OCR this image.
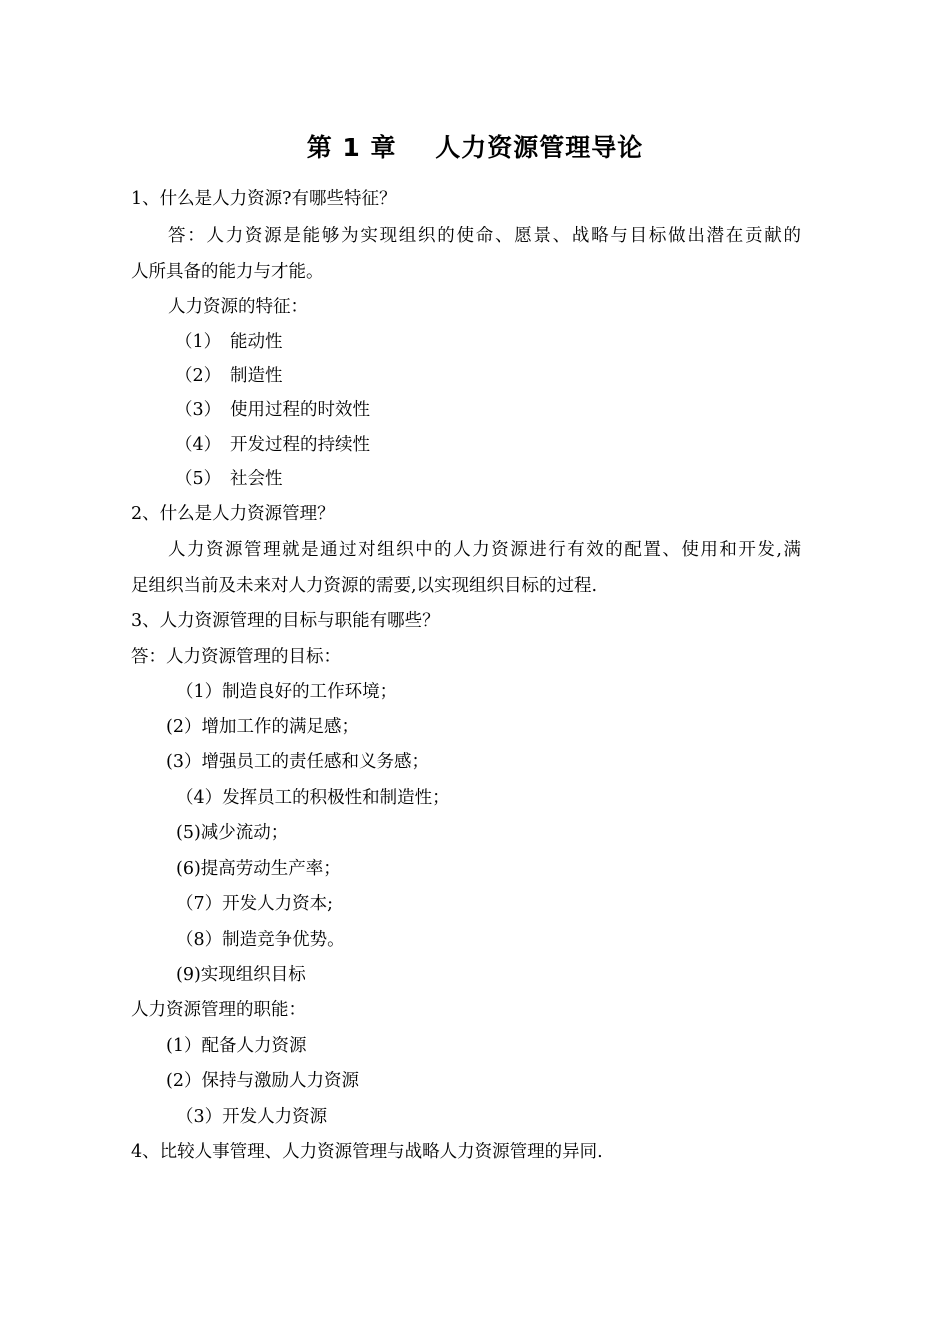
第 1 章    人力资源管理导论
1、什么是人力资源?有哪些特征？
答：人力资源是能够为实现组织的使命、愿景、战略与目标做出潜在贡献的
人所具备的能力与才能。
人力资源的特征：
（1） 能动性
（2） 制造性
（3） 使用过程的时效性
（4） 开发过程的持续性
（5） 社会性
2、什么是人力资源管理？
人力资源管理就是通过对组织中的人力资源进行有效的配置、使用和开发,满
足组织当前及未来对人力资源的需要,以实现组织目标的过程.
3、人力资源管理的目标与职能有哪些？
答：人力资源管理的目标：
（1）制造良好的工作环境；
(2）增加工作的满足感；
(3）增强员工的责任感和义务感；
（4）发挥员工的积极性和制造性；
(5)减少流动；
(6)提高劳动生产率；
（7）开发人力资本;
（8）制造竞争优势。
(9)实现组织目标
人力资源管理的职能：
(1）配备人力资源
(2）保持与激励人力资源
（3）开发人力资源
4、比较人事管理、人力资源管理与战略人力资源管理的异同.
